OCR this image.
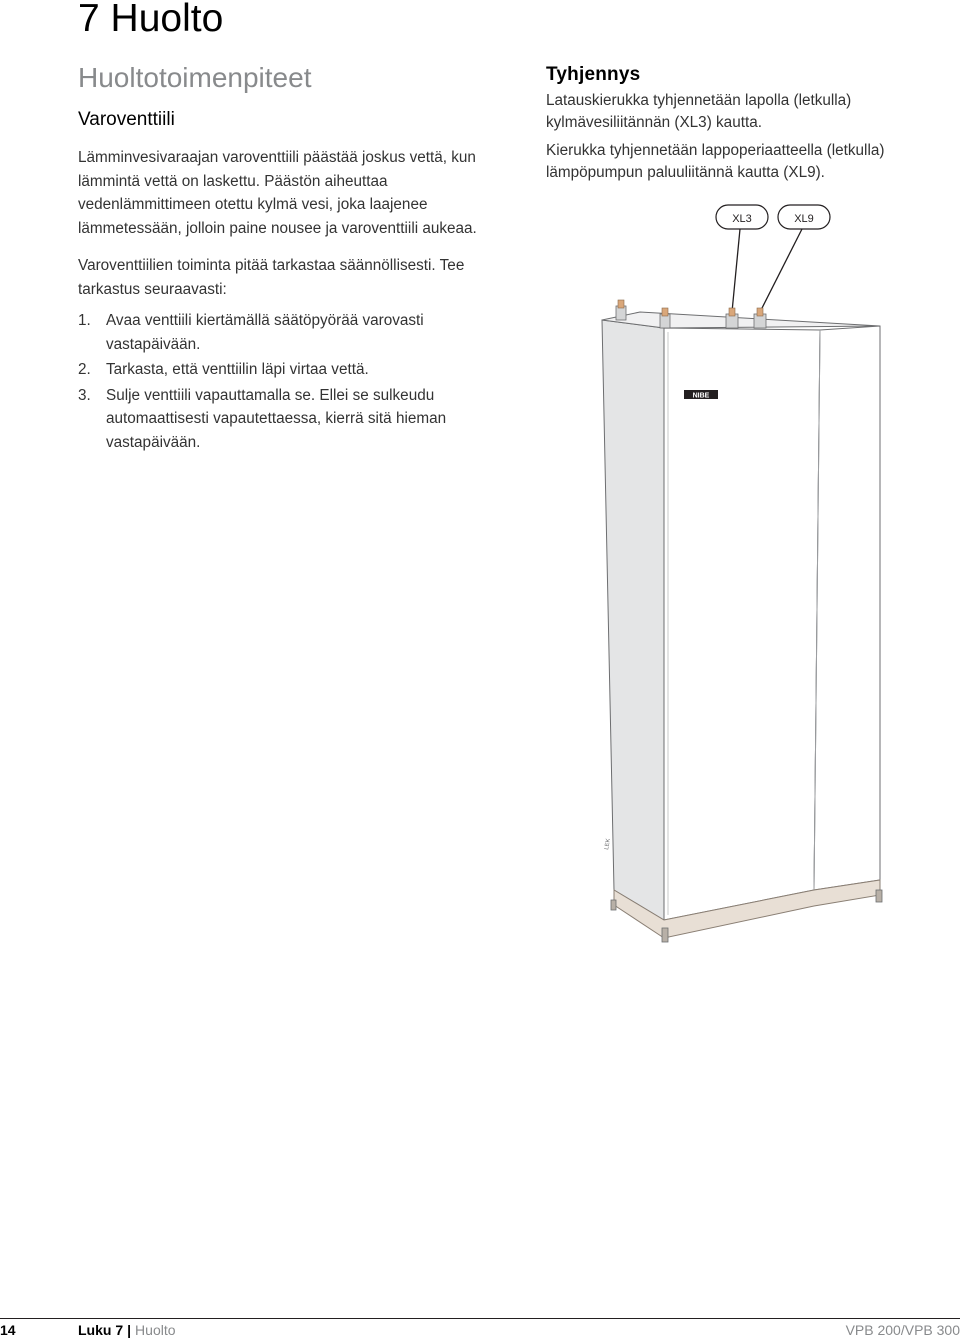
7 Huolto
Huoltotoimenpiteet
Varoventtiili

Lämminvesivaraajan varoventtiili päästää joskus vettä, kun lämmintä vettä on laskettu. Päästön aiheuttaa vedenlämmittimeen otettu kylmä vesi, joka laajenee lämmetessään, jolloin paine nousee ja varoventtiili aukeaa.

Varoventtiilien toiminta pitää tarkastaa säännöllisesti. Tee tarkastus seuraavasti:

1. Avaa venttiili kiertämällä säätöpyörää varovasti vastapäivään.
2. Tarkasta, että venttiilin läpi virtaa vettä.
3. Sulje venttiili vapauttamalla se. Ellei se sulkeudu automaattisesti vapautettaessa, kierrä sitä hieman vastapäivään.
Tyhjennys

Latauskierukka tyhjennetään lapolla (letkulla) kylmävesiliitännän (XL3) kautta.

Kierukka tyhjennetään lappoperiaatteella (letkulla) lämpöpumpun paluuliitännä kautta (XL9).

XL3	XL9
NIBE
LEK
14	Luku 7 | Huolto	VPB 200/VPB 300
